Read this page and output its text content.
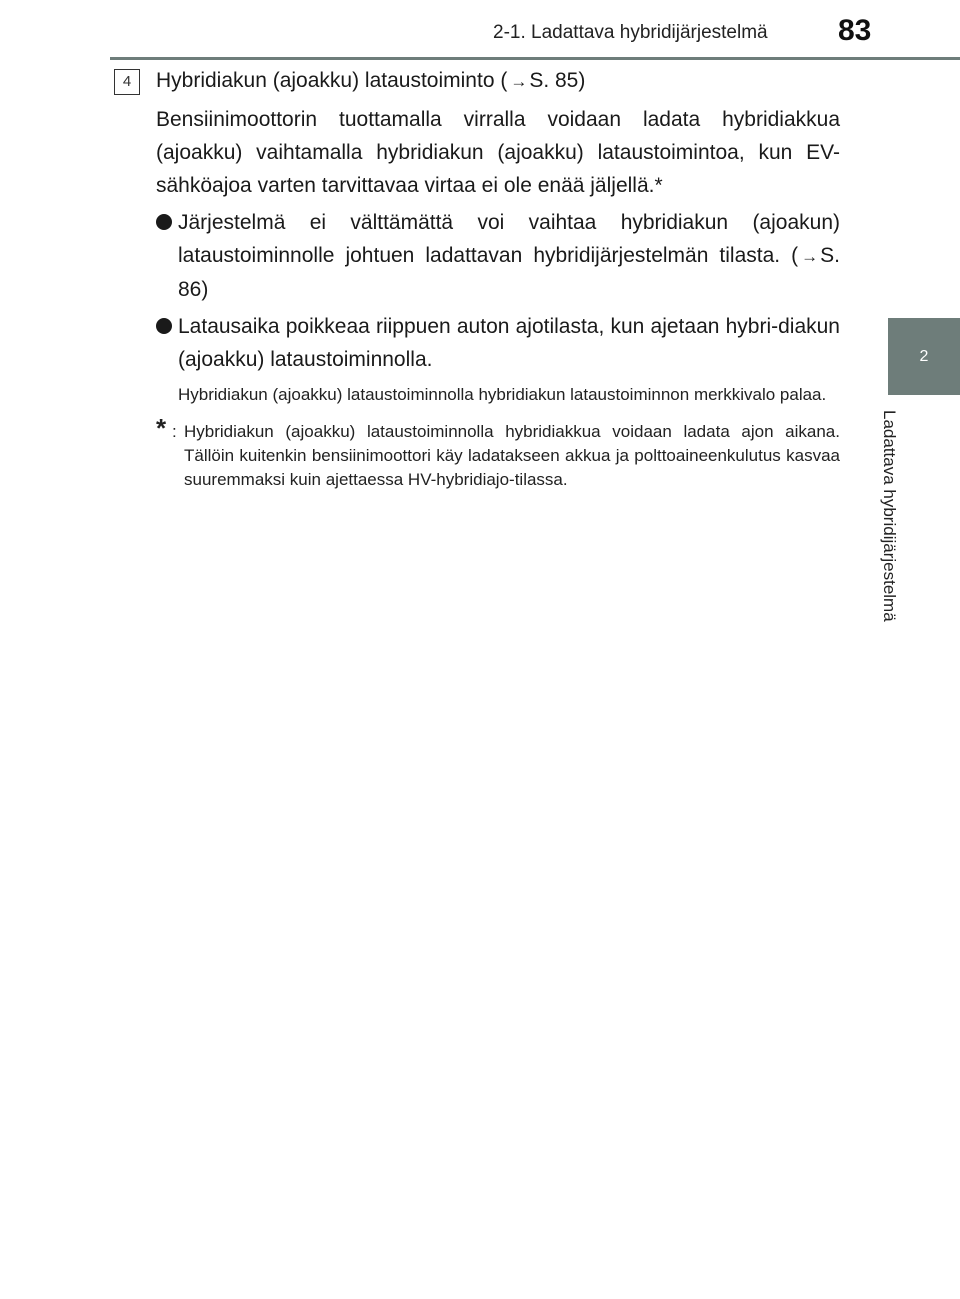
2-1. Ladattava hybridijärjestelmä 83
2
Ladattava hybridijärjestelmä
4	Hybridiakun (ajoakku) lataustoiminto ( →S. 85)

Bensiinimoottorin tuottamalla virralla voidaan ladata hybridiakkua (ajoakku) vaihtamalla hybridiakun (ajoakku) lataustoimintoa, kun EV-sähköajoa varten tarvittavaa virtaa ei ole enää jäljellä.*

Järjestelmä ei välttämättä voi vaihtaa hybridiakun (ajoakun) lataustoiminnolle johtuen ladattavan hybridijärjestelmän tilasta. ( →S. 86)
Latausaika poikkeaa riippuen auton ajotilasta, kun ajetaan hybri-diakun (ajoakku) lataustoiminnolla.

Hybridiakun (ajoakku) lataustoiminnolla hybridiakun lataustoiminnon merkkivalo palaa.

* : Hybridiakun (ajoakku) lataustoiminnolla hybridiakkua voidaan ladata ajon aikana. Tällöin kuitenkin bensiinimoottori käy ladatakseen akkua ja polttoaineenkulutus kasvaa suuremmaksi kuin ajettaessa HV-hybridiajo-tilassa.
